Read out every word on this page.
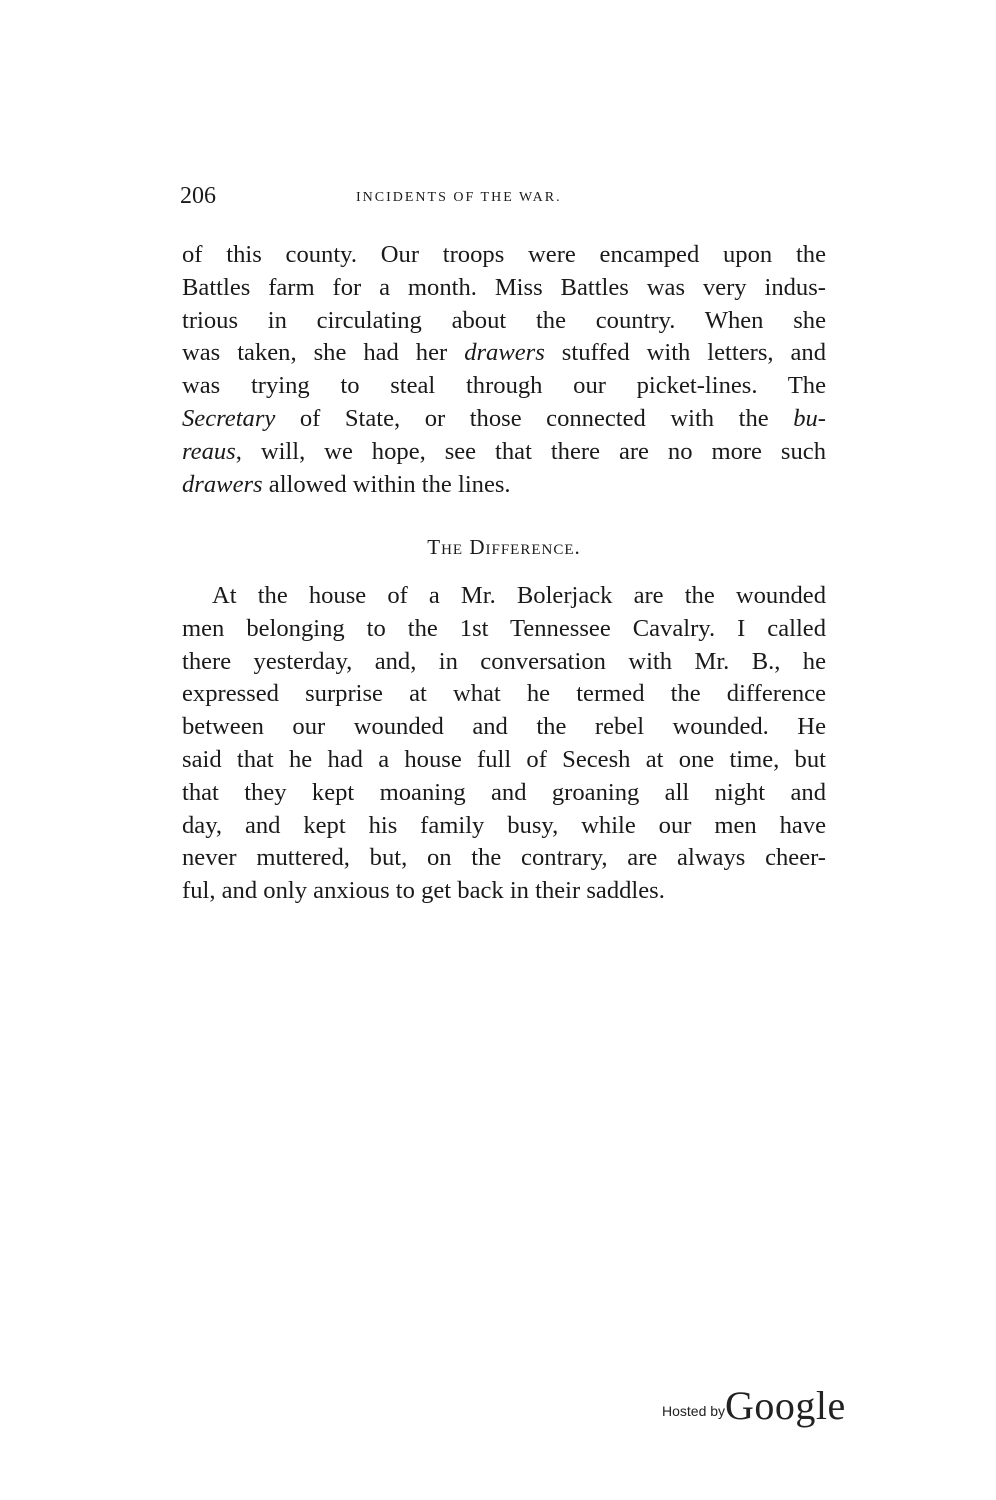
206	INCIDENTS OF THE WAR.
of this county. Our troops were encamped upon the
Battles farm for a month. Miss Battles was very indus-
trious in circulating about the country. When she
was taken, she had her drawers stuffed with letters, and
was trying to steal through our picket-lines. The
Secretary of State, or those connected with the bu-
reaus, will, we hope, see that there are no more such
drawers allowed within the lines.
The Difference.
At the house of a Mr. Bolerjack are the wounded
men belonging to the 1st Tennessee Cavalry. I called
there yesterday, and, in conversation with Mr. B., he
expressed surprise at what he termed the difference
between our wounded and the rebel wounded. He
said that he had a house full of Secesh at one time, but
that they kept moaning and groaning all night and
day, and kept his family busy, while our men have
never muttered, but, on the contrary, are always cheer-
ful, and only anxious to get back in their saddles.
Hosted byGoogle
